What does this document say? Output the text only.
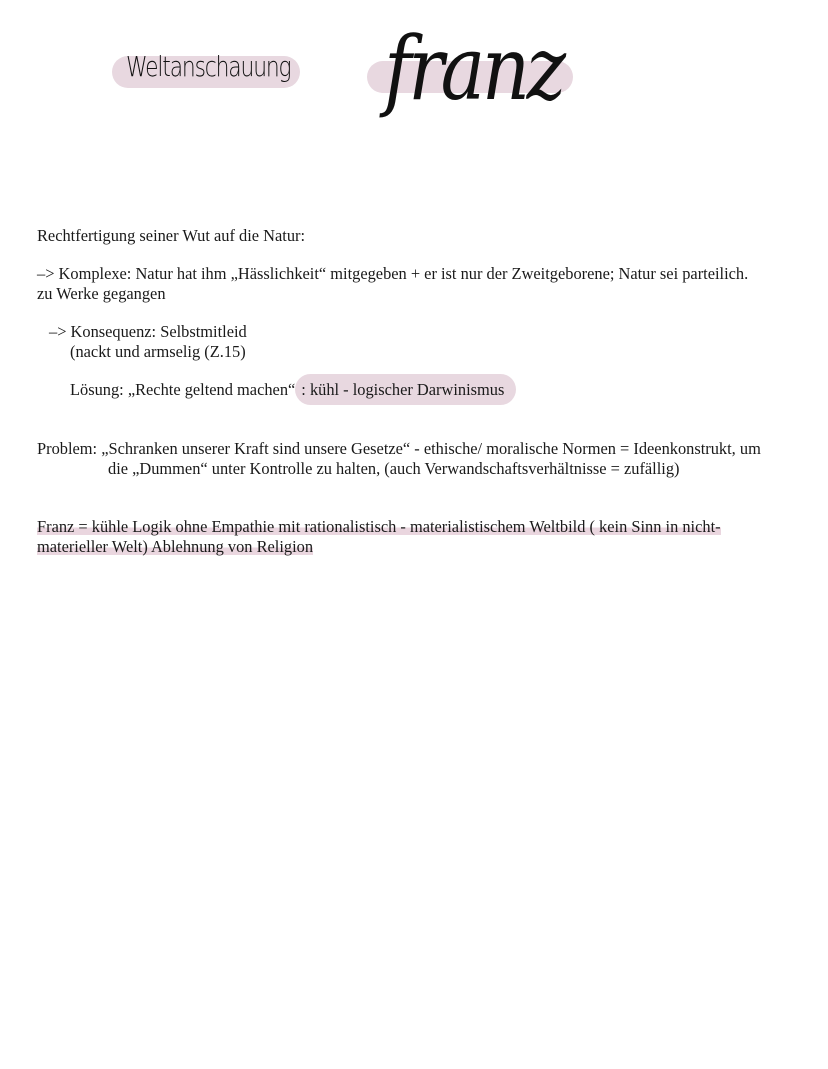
Weltanschauung franz
Rechtfertigung seiner Wut auf die Natur:
–> Komplexe: Natur hat ihm „Hässlichkeit“ mitgegeben + er ist nur der Zweitgeborene; Natur sei parteilich.
zu Werke gegangen
–> Konsequenz: Selbstmitleid
(nackt und armselig (Z.15)
Lösung: „Rechte geltend machen“ : kühl - logischer Darwinismus
Problem: „Schranken unserer Kraft sind unsere Gesetze“ - ethische/ moralische Normen = Ideenkonstrukt, um
die „Dummen“ unter Kontrolle zu halten, (auch Verwandschaftsverhältnisse = zufällig)
Franz = kühle Logik ohne Empathie mit rationalistisch - materialistischem Weltbild ( kein Sinn in nicht-
materieller Welt) Ablehnung von Religion
